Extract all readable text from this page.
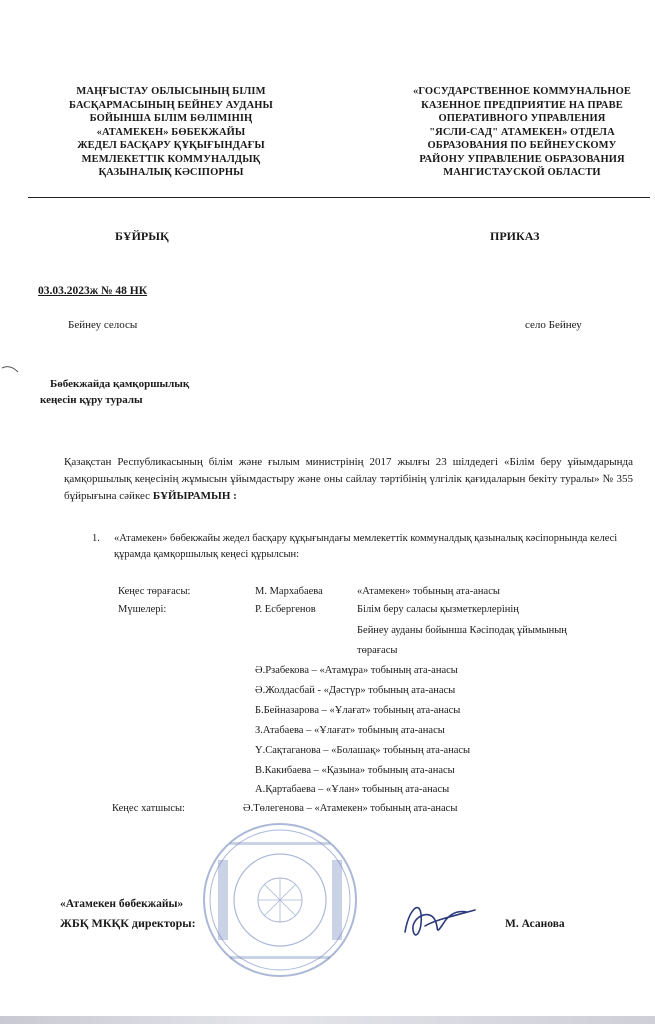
МАҢҒЫСТАУ ОБЛЫСЫНЫҢ БІЛІМ
БАСҚАРМАСЫНЫҢ БЕЙНЕУ АУДАНЫ
БОЙЫНША БІЛІМ БӨЛІМІНІҢ
«АТАМЕКЕН» БӨБЕКЖАЙЫ
ЖЕДЕЛ БАСҚАРУ ҚҰҚЫҒЫНДАҒЫ
МЕМЛЕКЕТТІК КОММУНАЛДЫҚ
ҚАЗЫНАЛЫҚ КӘСІПОРНЫ
«ГОСУДАРСТВЕННОЕ КОММУНАЛЬНОЕ
КАЗЕННОЕ ПРЕДПРИЯТИЕ НА ПРАВЕ
ОПЕРАТИВНОГО УПРАВЛЕНИЯ
"ЯСЛИ-САД" АТАМЕКЕН» ОТДЕЛА
ОБРАЗОВАНИЯ ПО БЕЙНЕУСКОМУ
РАЙОНУ УПРАВЛЕНИЕ ОБРАЗОВАНИЯ
МАНГИСТАУСКОЙ ОБЛАСТИ
БҰЙРЫҚ	ПРИКАЗ
03.03.2023ж № 48 НК
Бейнеу селосы	село Бейнеу
Бөбекжайда қамқоршылық
кеңесін құру туралы
Қазақстан Республикасының білім және ғылым министрінің 2017 жылғы 23 шілдедегі «Білім беру ұйымдарында қамқоршылық кеңесінің жұмысын ұйымдастыру және оны сайлау тәртібінің үлгілік қағидаларын бекіту туралы» № 355 бұйрығына сәйкес БҰЙЫРАМЫН :
1. «Атамекен» бөбекжайы жедел басқару құқығындағы мемлекеттік коммуналдық қазыналық кәсіпорнында келесі құрамда қамқоршылық кеңесі құрылсын:
Кеңес төрағасы:	М. Мархабаева	«Атамекен» тобының ата-анасы
Мүшелері:	Р. Есбергенов	Білім беру саласы қызметкерлерінің
Бейнеу ауданы бойынша Кәсіподақ ұйымының
төрағасы
Ә.Рзабекова – «Атамұра» тобының ата-анасы
Ә.Жолдасбай - «Дәстүр» тобының ата-анасы
Б.Бейназарова – «Ұлағат» тобының ата-анасы
З.Атабаева – «Ұлағат» тобының ата-анасы
Ү.Сақтаганова – «Болашақ» тобының ата-анасы
В.Какибаева – «Қазына» тобының ата-анасы
А.Қартабаева – «Ұлан» тобының ата-анасы
Кеңес хатшысы:	Ә.Төлегенова – «Атамекен» тобының ата-анасы
«Атамекен бөбекжайы»
ЖБҚ МКҚК директоры:	М. Асанова
